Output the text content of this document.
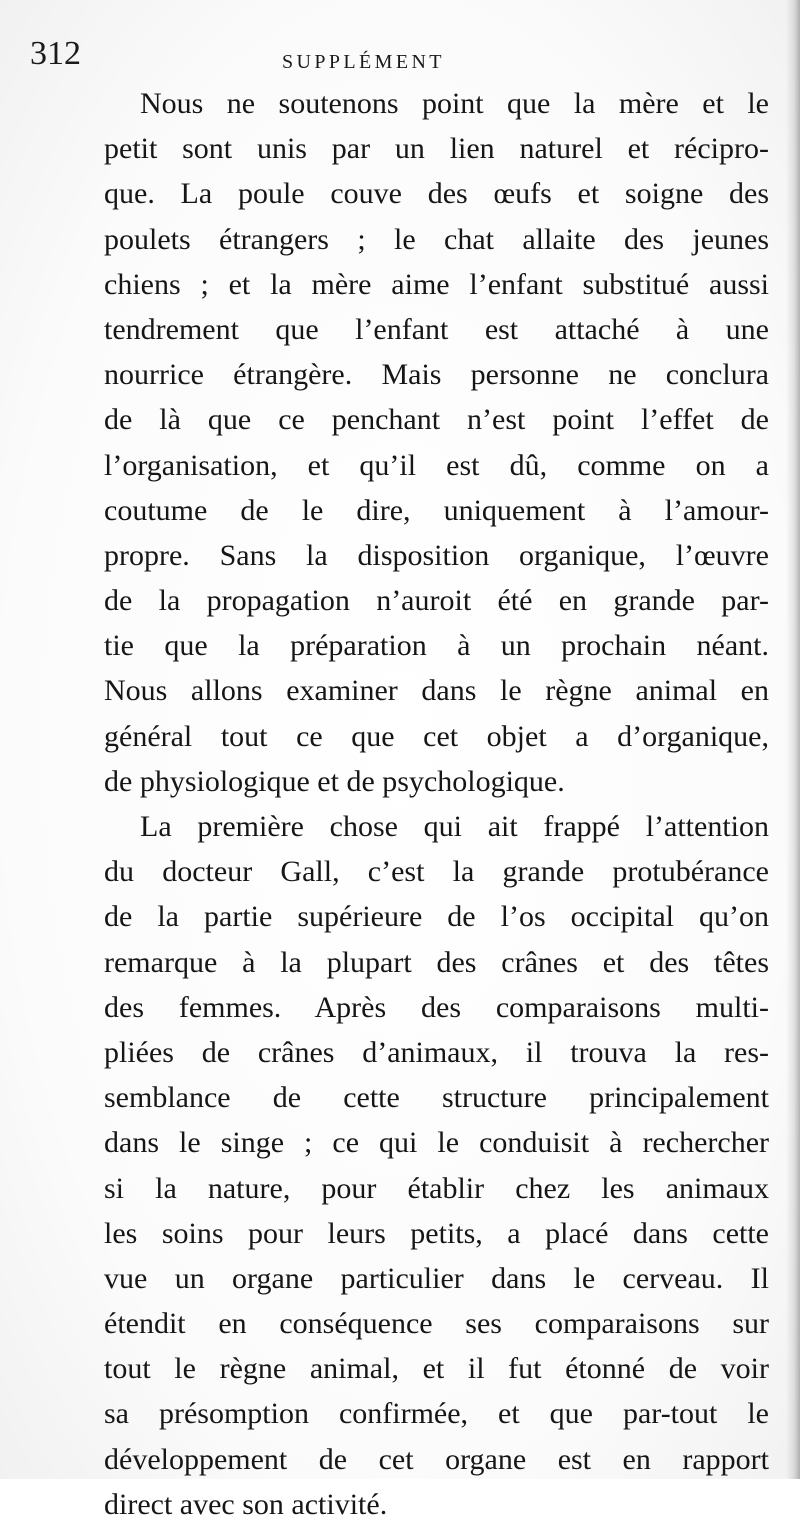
312	SUPPLÉMENT
Nous ne soutenons point que la mère et le
petit sont unis par un lien naturel et récipro-
que. La poule couve des œufs et soigne des
poulets étrangers ; le chat allaite des jeunes
chiens ; et la mère aime l’enfant substitué aussi
tendrement que l’enfant est attaché à une
nourrice étrangère. Mais personne ne conclura
de là que ce penchant n’est point l’effet de
l’organisation, et qu’il est dû, comme on a
coutume de le dire, uniquement à l’amour-
propre. Sans la disposition organique, l’œuvre
de la propagation n’auroit été en grande par-
tie que la préparation à un prochain néant.
Nous allons examiner dans le règne animal en
général tout ce que cet objet a d’organique,
de physiologique et de psychologique.
La première chose qui ait frappé l’attention
du docteur Gall, c’est la grande protubérance
de la partie supérieure de l’os occipital qu’on
remarque à la plupart des crânes et des têtes
des femmes. Après des comparaisons multi-
pliées de crânes d’animaux, il trouva la res-
semblance de cette structure principalement
dans le singe ; ce qui le conduisit à rechercher
si la nature, pour établir chez les animaux
les soins pour leurs petits, a placé dans cette
vue un organe particulier dans le cerveau. Il
étendit en conséquence ses comparaisons sur
tout le règne animal, et il fut étonné de voir
sa présomption confirmée, et que par-tout le
développement de cet organe est en rapport
direct avec son activité.
